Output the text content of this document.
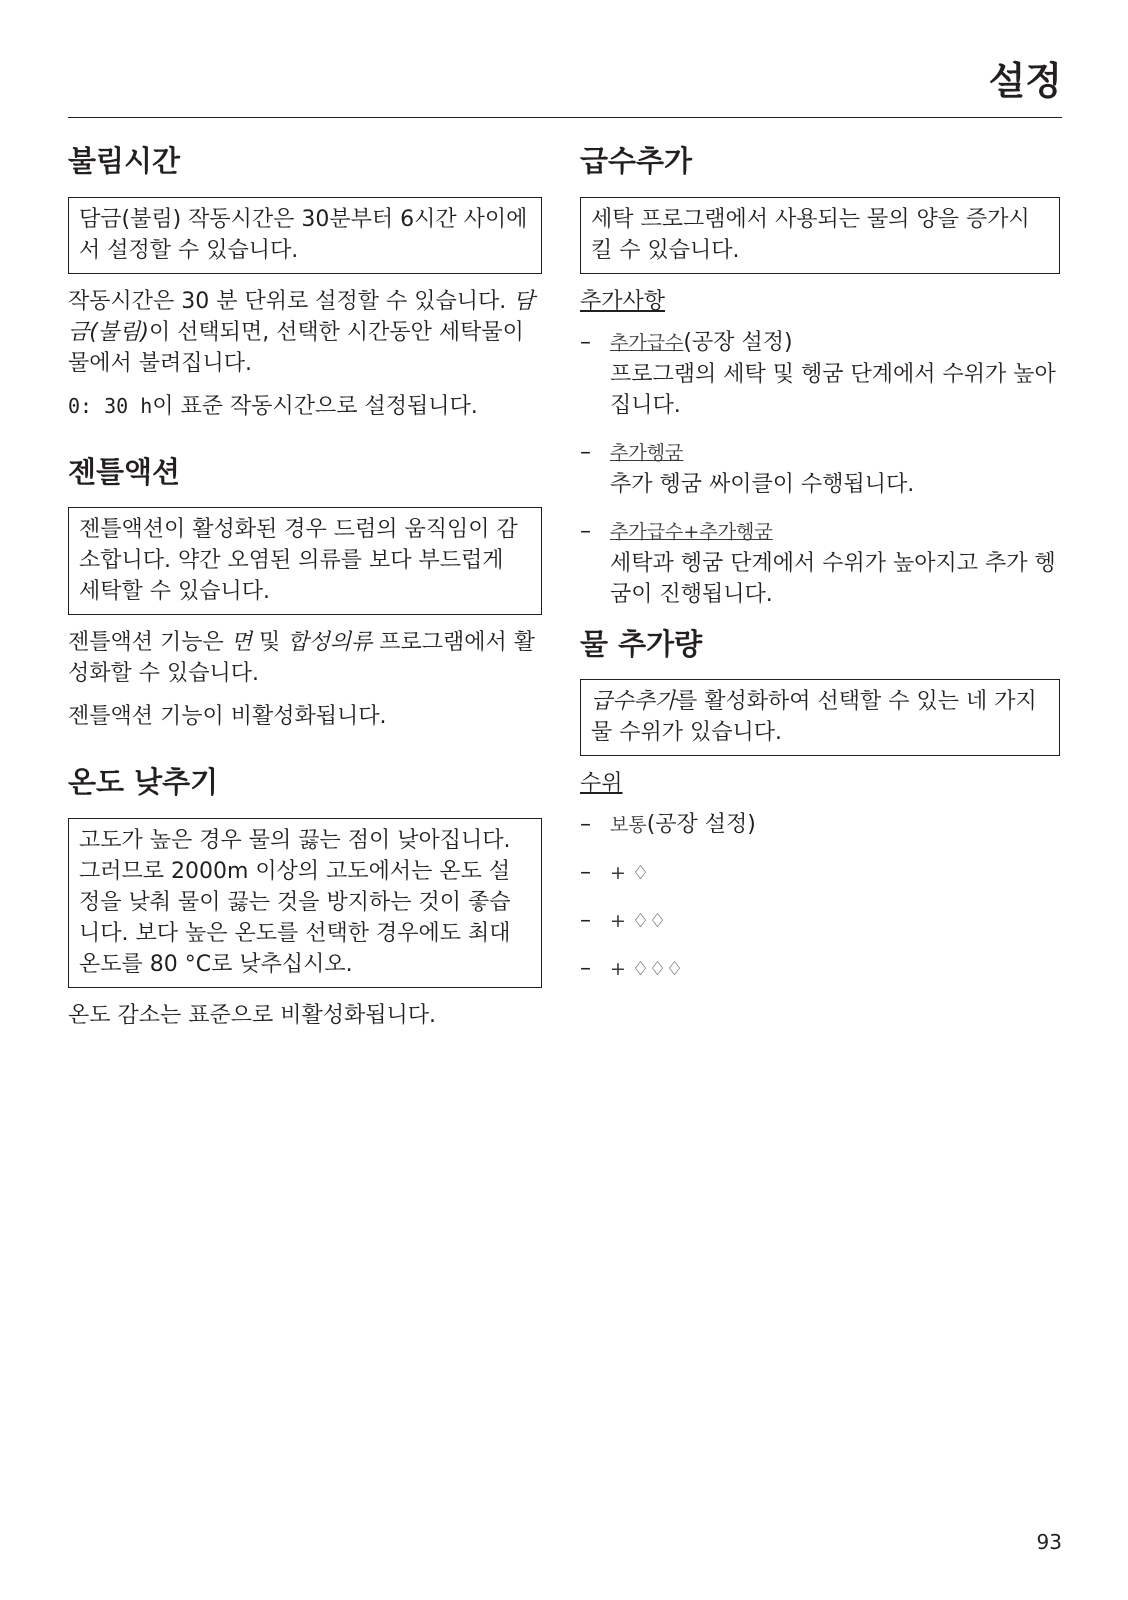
설정
불림시간
담금(불림) 작동시간은 30분부터 6시간 사이에서 설정할 수 있습니다.

작동시간은 30 분 단위로 설정할 수 있습니다. 담금(불림)이 선택되면, 선택한 시간동안 세탁물이 물에서 불려집니다.

0: 30 h이 표준 작동시간으로 설정됩니다.

젠틀액션
젠틀액션이 활성화된 경우 드럼의 움직임이 감소합니다. 약간 오염된 의류를 보다 부드럽게 세탁할 수 있습니다.

젠틀액션 기능은 면 및 합성의류 프로그램에서 활성화할 수 있습니다.

젠틀액션 기능이 비활성화됩니다.

온도 낮추기
고도가 높은 경우 물의 끓는 점이 낮아집니다. 그러므로 2000m 이상의 고도에서는 온도 설정을 낮춰 물이 끓는 것을 방지하는 것이 좋습니다. 보다 높은 온도를 선택한 경우에도 최대 온도를 80 °C로 낮추십시오.

온도 감소는 표준으로 비활성화됩니다.

급수추가
세탁 프로그램에서 사용되는 물의 양을 증가시킬 수 있습니다.

추가사항

– 추가급수(공장 설정)
프로그램의 세탁 및 헹굼 단계에서 수위가 높아집니다.
– 추가헹굼
추가 헹굼 싸이클이 수행됩니다.
– 추가급수+추가헹굼
세탁과 헹굼 단계에서 수위가 높아지고 추가 헹굼이 진행됩니다.
물 추가량
급수추가를 활성화하여 선택할 수 있는 네 가지 물 수위가 있습니다.

수위

– 보통(공장 설정)
– + ♢
– + ♢♢
– + ♢♢♢
93
